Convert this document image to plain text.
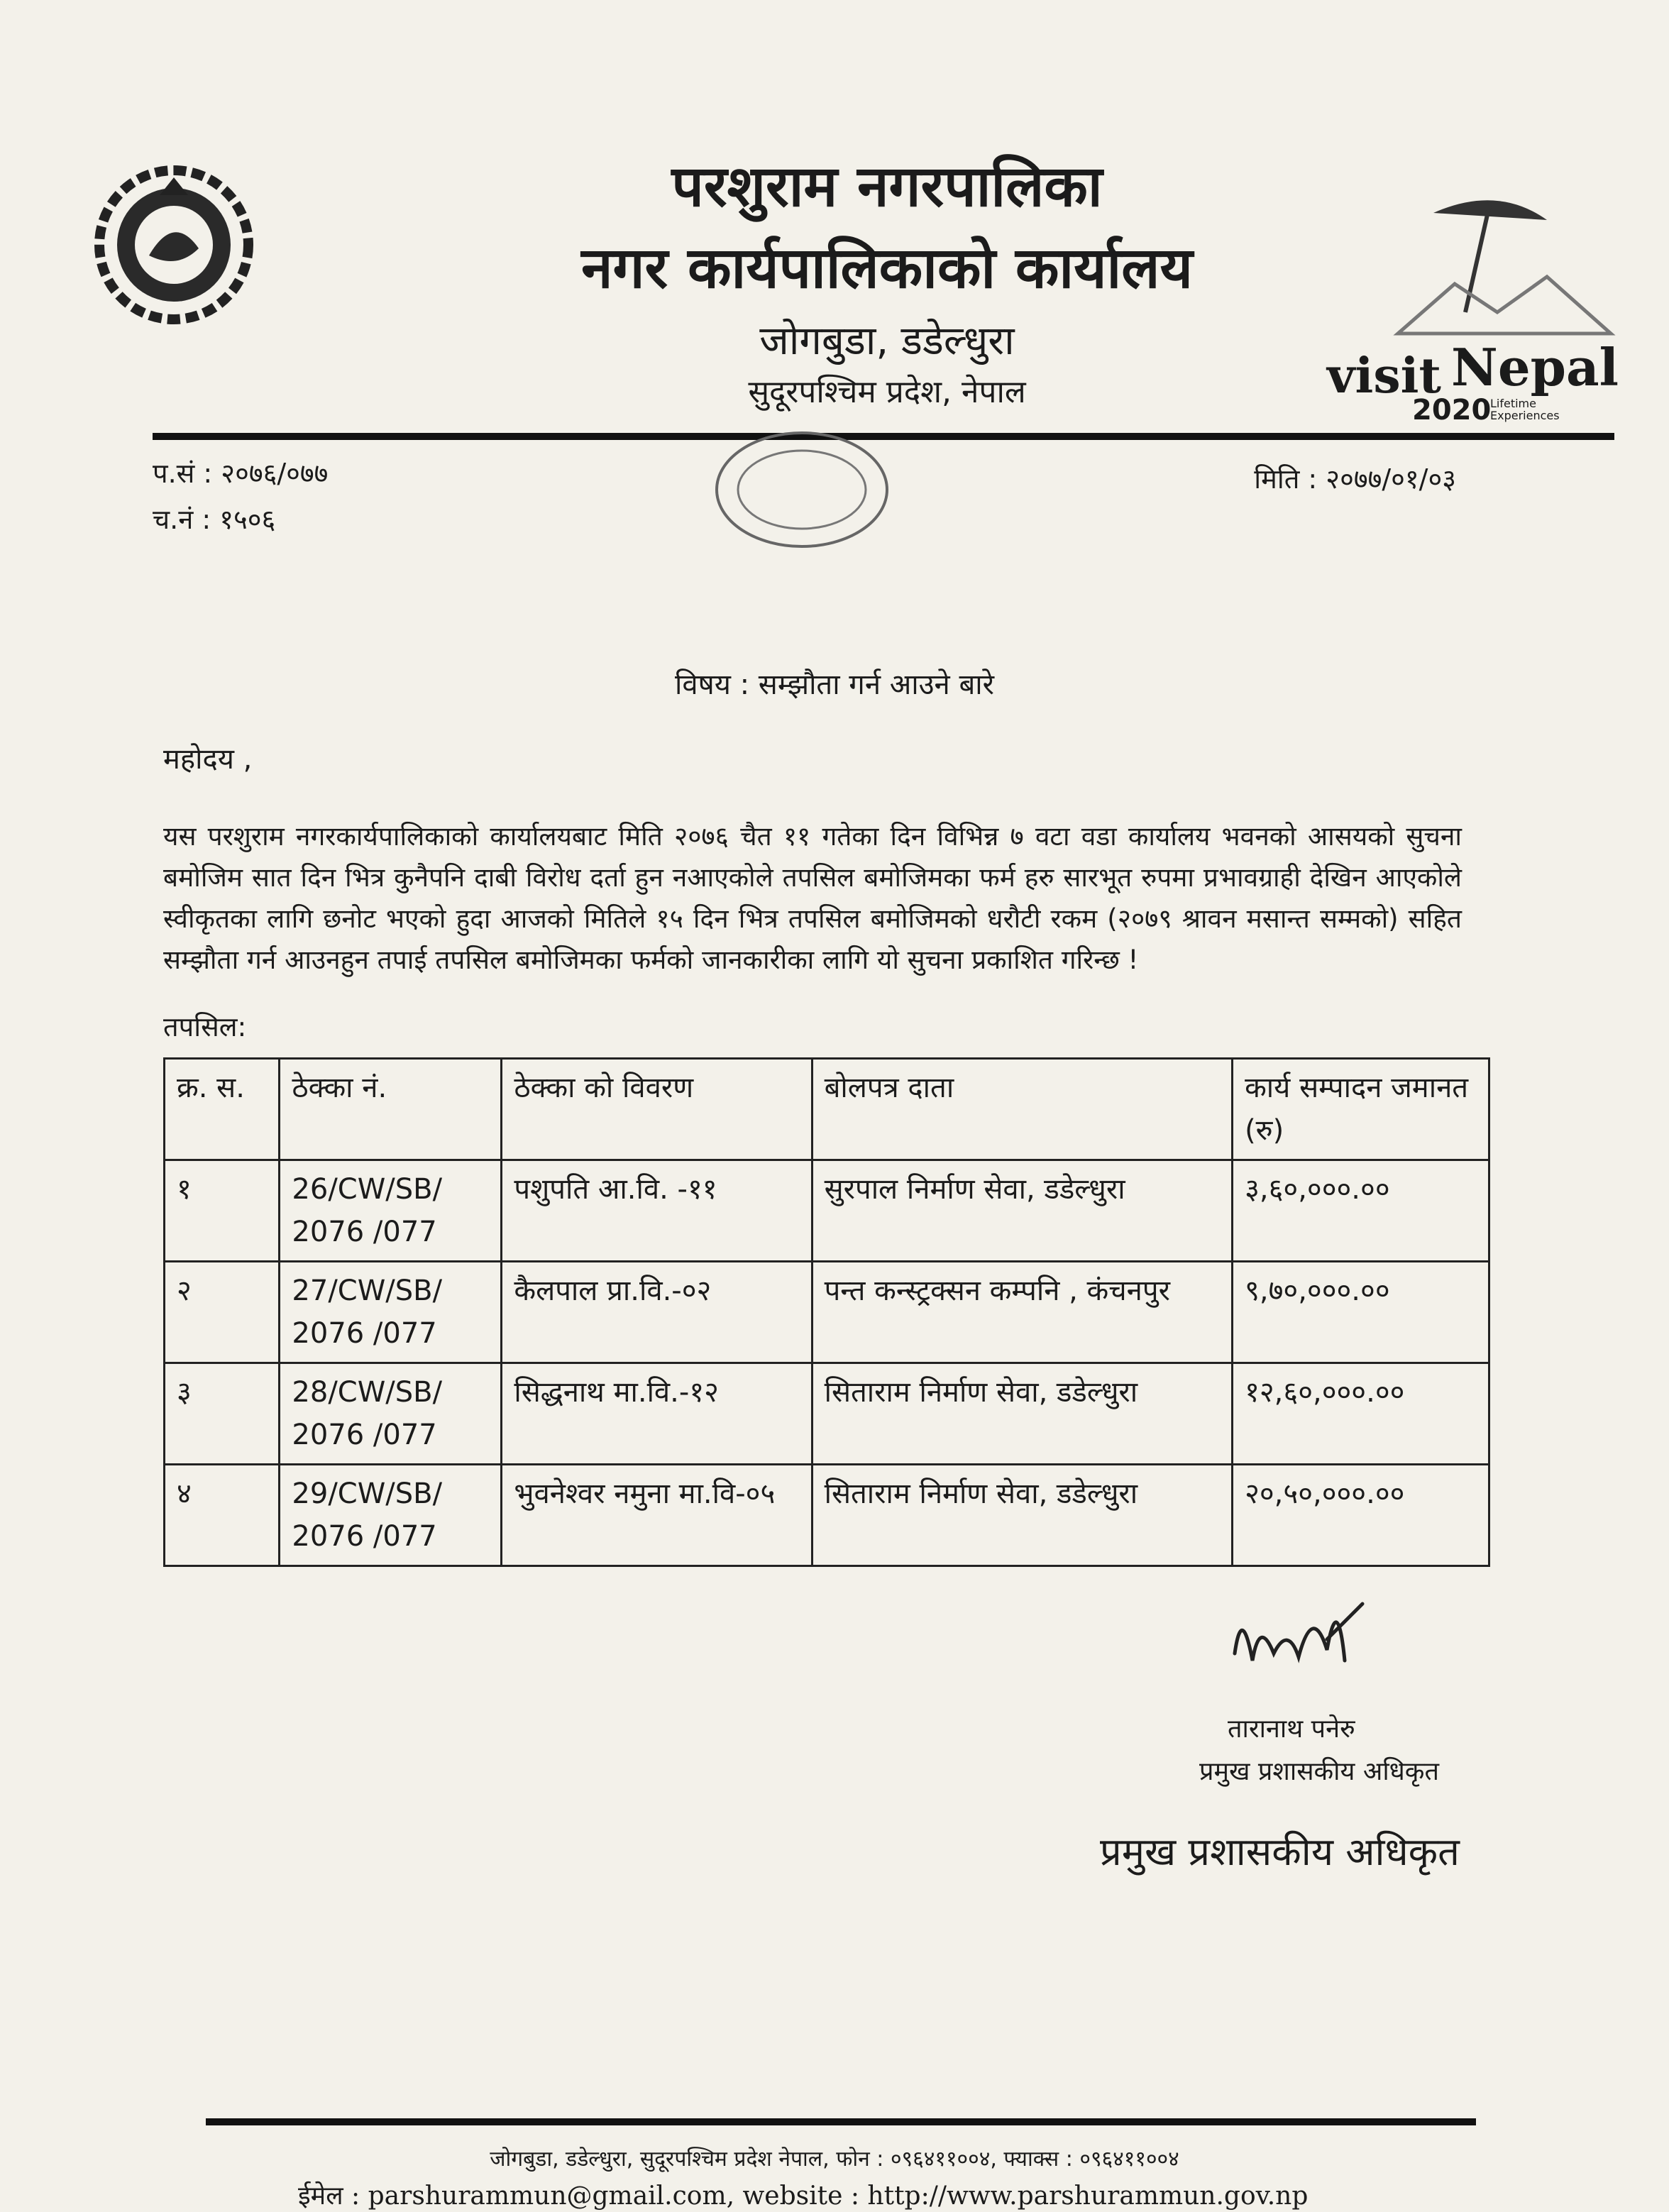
परशुराम नगरपालिका
नगर कार्यपालिकाको कार्यालय
जोगबुडा, डडेल्धुरा
सुदूरपश्चिम प्रदेश, नेपाल	visit Nepal
2020
Lifetime Experiences
प.सं : २०७६/०७७
च.नं : १५०६
मिति : २०७७/०१/०३
विषय : सम्झौता गर्न आउने बारे
महोदय ,
यस परशुराम नगरकार्यपालिकाको कार्यालयबाट मिति २०७६ चैत ११ गतेका दिन विभिन्न ७ वटा वडा कार्यालय भवनको आसयको सुचना बमोजिम सात दिन भित्र कुनैपनि दाबी विरोध दर्ता हुन नआएकोले तपसिल बमोजिमका फर्म हरु सारभूत रुपमा प्रभावग्राही देखिन आएकोले स्वीकृतका लागि छनोट भएको हुदा आजको मितिले १५ दिन भित्र तपसिल बमोजिमको धरौटी रकम (२०७९ श्रावन मसान्त सम्मको) सहित सम्झौता गर्न आउनहुन तपाई तपसिल बमोजिमका फर्मको जानकारीका लागि यो सुचना प्रकाशित गरिन्छ !
तपसिल:
क्र. स.	ठेक्का नं.	ठेक्का को विवरण	बोलपत्र दाता	कार्य सम्पादन जमानत (रु)
१	26/CW/SB/ 2076 /077	पशुपति आ.वि. -११	सुरपाल निर्माण सेवा, डडेल्धुरा	३,६०,०००.००
२	27/CW/SB/ 2076 /077	कैलपाल प्रा.वि.-०२	पन्त कन्स्ट्रक्सन कम्पनि , कंचनपुर	९,७०,०००.००
३	28/CW/SB/ 2076 /077	सिद्धनाथ मा.वि.-१२	सिताराम निर्माण सेवा, डडेल्धुरा	१२,६०,०००.००
४	29/CW/SB/ 2076 /077	भुवनेश्वर नमुना मा.वि-०५	सिताराम निर्माण सेवा, डडेल्धुरा	२०,५०,०००.००
तारानाथ पनेरु
प्रमुख प्रशासकीय अधिकृत
प्रमुख प्रशासकीय अधिकृत
जोगबुडा, डडेल्धुरा, सुदूरपश्चिम प्रदेश नेपाल, फोन : ०९६४११००४, फ्याक्स : ०९६४११००४
ईमेल : parshurammun@gmail.com, website : http://www.parshurammun.gov.np
